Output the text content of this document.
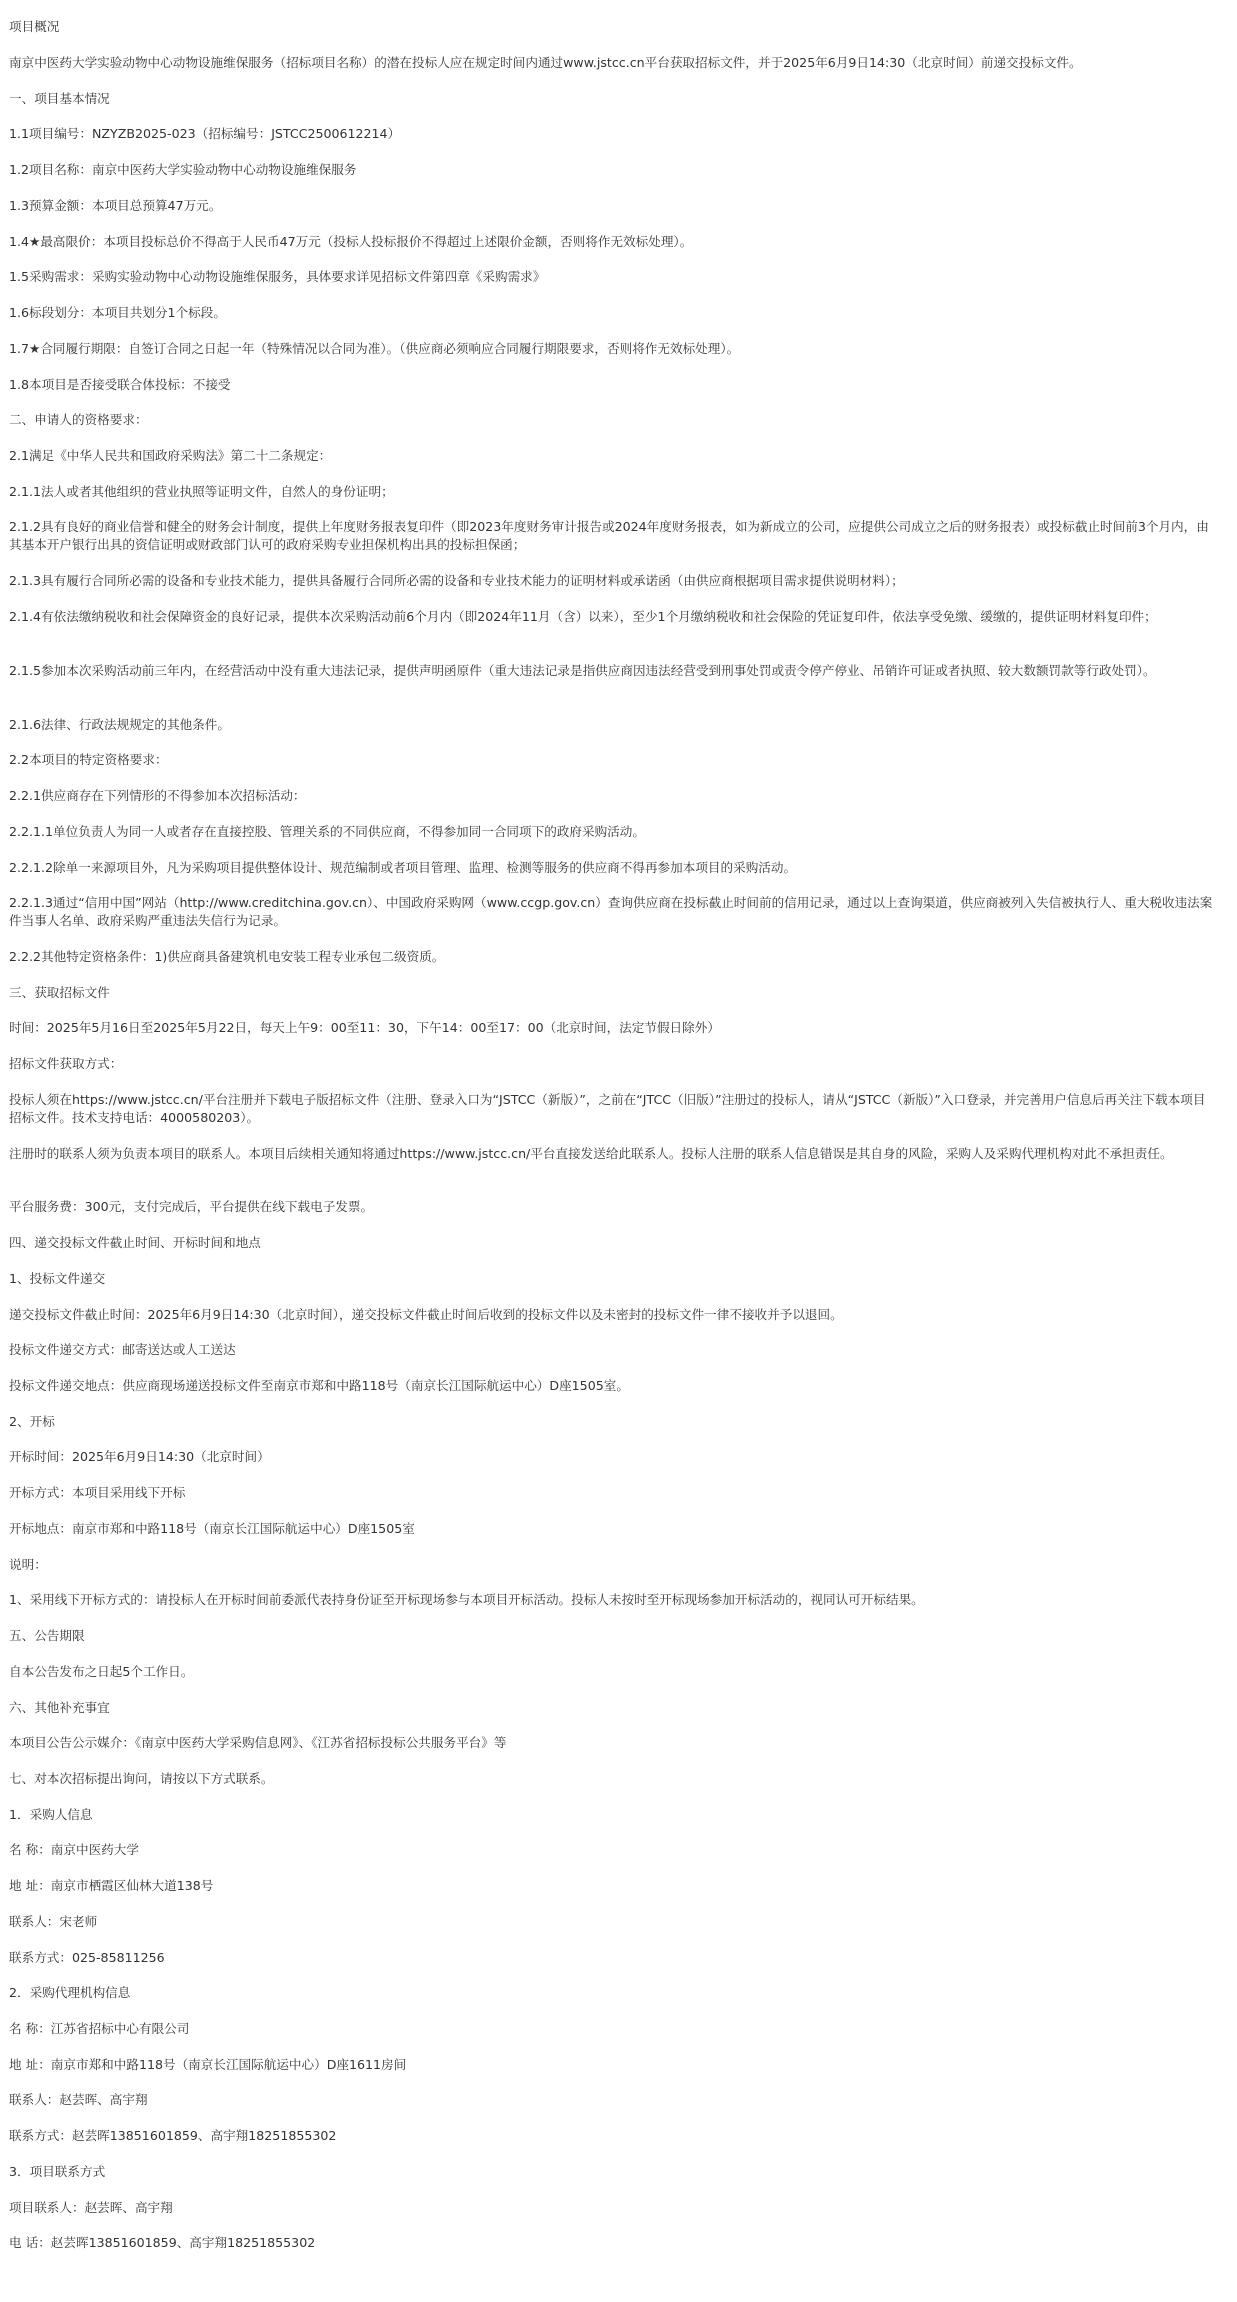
项目概况

南京中医药大学实验动物中心动物设施维保服务（招标项目名称）的潜在投标人应在规定时间内通过www.jstcc.cn平台获取招标文件，并于2025年6月9日14:30（北京时间）前递交投标文件。

一、项目基本情况

1.1项目编号：NZYZB2025-023（招标编号：JSTCC2500612214）

1.2项目名称：南京中医药大学实验动物中心动物设施维保服务

1.3预算金额：本项目总预算47万元。

1.4★最高限价：本项目投标总价不得高于人民币47万元（投标人投标报价不得超过上述限价金额，否则将作无效标处理）。

1.5采购需求：采购实验动物中心动物设施维保服务，具体要求详见招标文件第四章《采购需求》

1.6标段划分：本项目共划分1个标段。

1.7★合同履行期限：自签订合同之日起一年（特殊情况以合同为准）。（供应商必须响应合同履行期限要求，否则将作无效标处理）。

1.8本项目是否接受联合体投标：不接受

二、申请人的资格要求：

2.1满足《中华人民共和国政府采购法》第二十二条规定：

2.1.1法人或者其他组织的营业执照等证明文件，自然人的身份证明；

2.1.2具有良好的商业信誉和健全的财务会计制度，提供上年度财务报表复印件（即2023年度财务审计报告或2024年度财务报表，如为新成立的公司，应提供公司成立之后的财务报表）或投标截止时间前3个月内，由其基本开户银行出具的资信证明或财政部门认可的政府采购专业担保机构出具的投标担保函；

2.1.3具有履行合同所必需的设备和专业技术能力，提供具备履行合同所必需的设备和专业技术能力的证明材料或承诺函（由供应商根据项目需求提供说明材料）；

2.1.4有依法缴纳税收和社会保障资金的良好记录，提供本次采购活动前6个月内（即2024年11月（含）以来），至少1个月缴纳税收和社会保险的凭证复印件，依法享受免缴、缓缴的，提供证明材料复印件；

2.1.5参加本次采购活动前三年内，在经营活动中没有重大违法记录，提供声明函原件（重大违法记录是指供应商因违法经营受到刑事处罚或责令停产停业、吊销许可证或者执照、较大数额罚款等行政处罚）。

2.1.6法律、行政法规规定的其他条件。

2.2本项目的特定资格要求：

2.2.1供应商存在下列情形的不得参加本次招标活动：

2.2.1.1单位负责人为同一人或者存在直接控股、管理关系的不同供应商，不得参加同一合同项下的政府采购活动。

2.2.1.2除单一来源项目外，凡为采购项目提供整体设计、规范编制或者项目管理、监理、检测等服务的供应商不得再参加本项目的采购活动。

2.2.1.3通过“信用中国”网站（http://www.creditchina.gov.cn）、中国政府采购网（www.ccgp.gov.cn）查询供应商在投标截止时间前的信用记录，通过以上查询渠道，供应商被列入失信被执行人、重大税收违法案件当事人名单、政府采购严重违法失信行为记录。

2.2.2其他特定资格条件：1)供应商具备建筑机电安装工程专业承包二级资质。

三、获取招标文件

时间：2025年5月16日至2025年5月22日，每天上午9：00至11：30，下午14：00至17：00（北京时间，法定节假日除外）

招标文件获取方式：

投标人须在https://www.jstcc.cn/平台注册并下载电子版招标文件（注册、登录入口为“JSTCC（新版）”，之前在“JTCC（旧版）”注册过的投标人，请从“JSTCC（新版）”入口登录，并完善用户信息后再关注下载本项目招标文件。技术支持电话：4000580203）。

注册时的联系人须为负责本项目的联系人。本项目后续相关通知将通过https://www.jstcc.cn/平台直接发送给此联系人。投标人注册的联系人信息错误是其自身的风险，采购人及采购代理机构对此不承担责任。

平台服务费：300元，支付完成后，平台提供在线下载电子发票。

四、递交投标文件截止时间、开标时间和地点

1、投标文件递交

递交投标文件截止时间：2025年6月9日14:30（北京时间），递交投标文件截止时间后收到的投标文件以及未密封的投标文件一律不接收并予以退回。

投标文件递交方式：邮寄送达或人工送达

投标文件递交地点：供应商现场递送投标文件至南京市郑和中路118号（南京长江国际航运中心）D座1505室。

2、开标

开标时间：2025年6月9日14:30（北京时间）

开标方式：本项目采用线下开标

开标地点：南京市郑和中路118号（南京长江国际航运中心）D座1505室

说明：

1、采用线下开标方式的：请投标人在开标时间前委派代表持身份证至开标现场参与本项目开标活动。投标人未按时至开标现场参加开标活动的，视同认可开标结果。

五、公告期限

自本公告发布之日起5个工作日。

六、其他补充事宜

本项目公告公示媒介：《南京中医药大学采购信息网》、《江苏省招标投标公共服务平台》等

七、对本次招标提出询问，请按以下方式联系。

1．采购人信息

名 称：南京中医药大学

地 址：南京市栖霞区仙林大道138号

联系人：宋老师

联系方式：025-85811256

2．采购代理机构信息

名 称：江苏省招标中心有限公司

地 址：南京市郑和中路118号（南京长江国际航运中心）D座1611房间

联系人：赵芸晖、高宇翔

联系方式：赵芸晖13851601859、高宇翔18251855302

3．项目联系方式

项目联系人：赵芸晖、高宇翔

电 话：赵芸晖13851601859、高宇翔18251855302
